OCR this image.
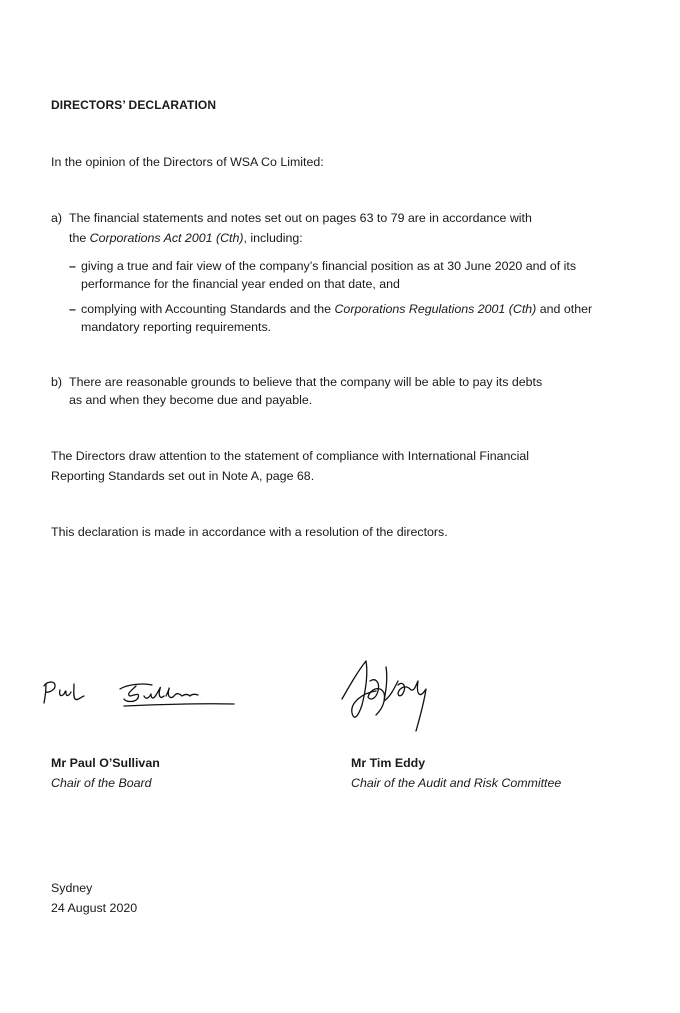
DIRECTORS’ DECLARATION
In the opinion of the Directors of WSA Co Limited:
a) The financial statements and notes set out on pages 63 to 79 are in accordance with
the Corporations Act 2001 (Cth), including:
– giving a true and fair view of the company’s financial position as at 30 June 2020 and of its
performance for the financial year ended on that date, and
– complying with Accounting Standards and the Corporations Regulations 2001 (Cth) and other
mandatory reporting requirements.
b) There are reasonable grounds to believe that the company will be able to pay its debts
as and when they become due and payable.
The Directors draw attention to the statement of compliance with International Financial
Reporting Standards set out in Note A, page 68.
This declaration is made in accordance with a resolution of the directors.
Mr Paul O’Sullivan
Chair of the Board
Mr Tim Eddy
Chair of the Audit and Risk Committee
Sydney
24 August 2020
